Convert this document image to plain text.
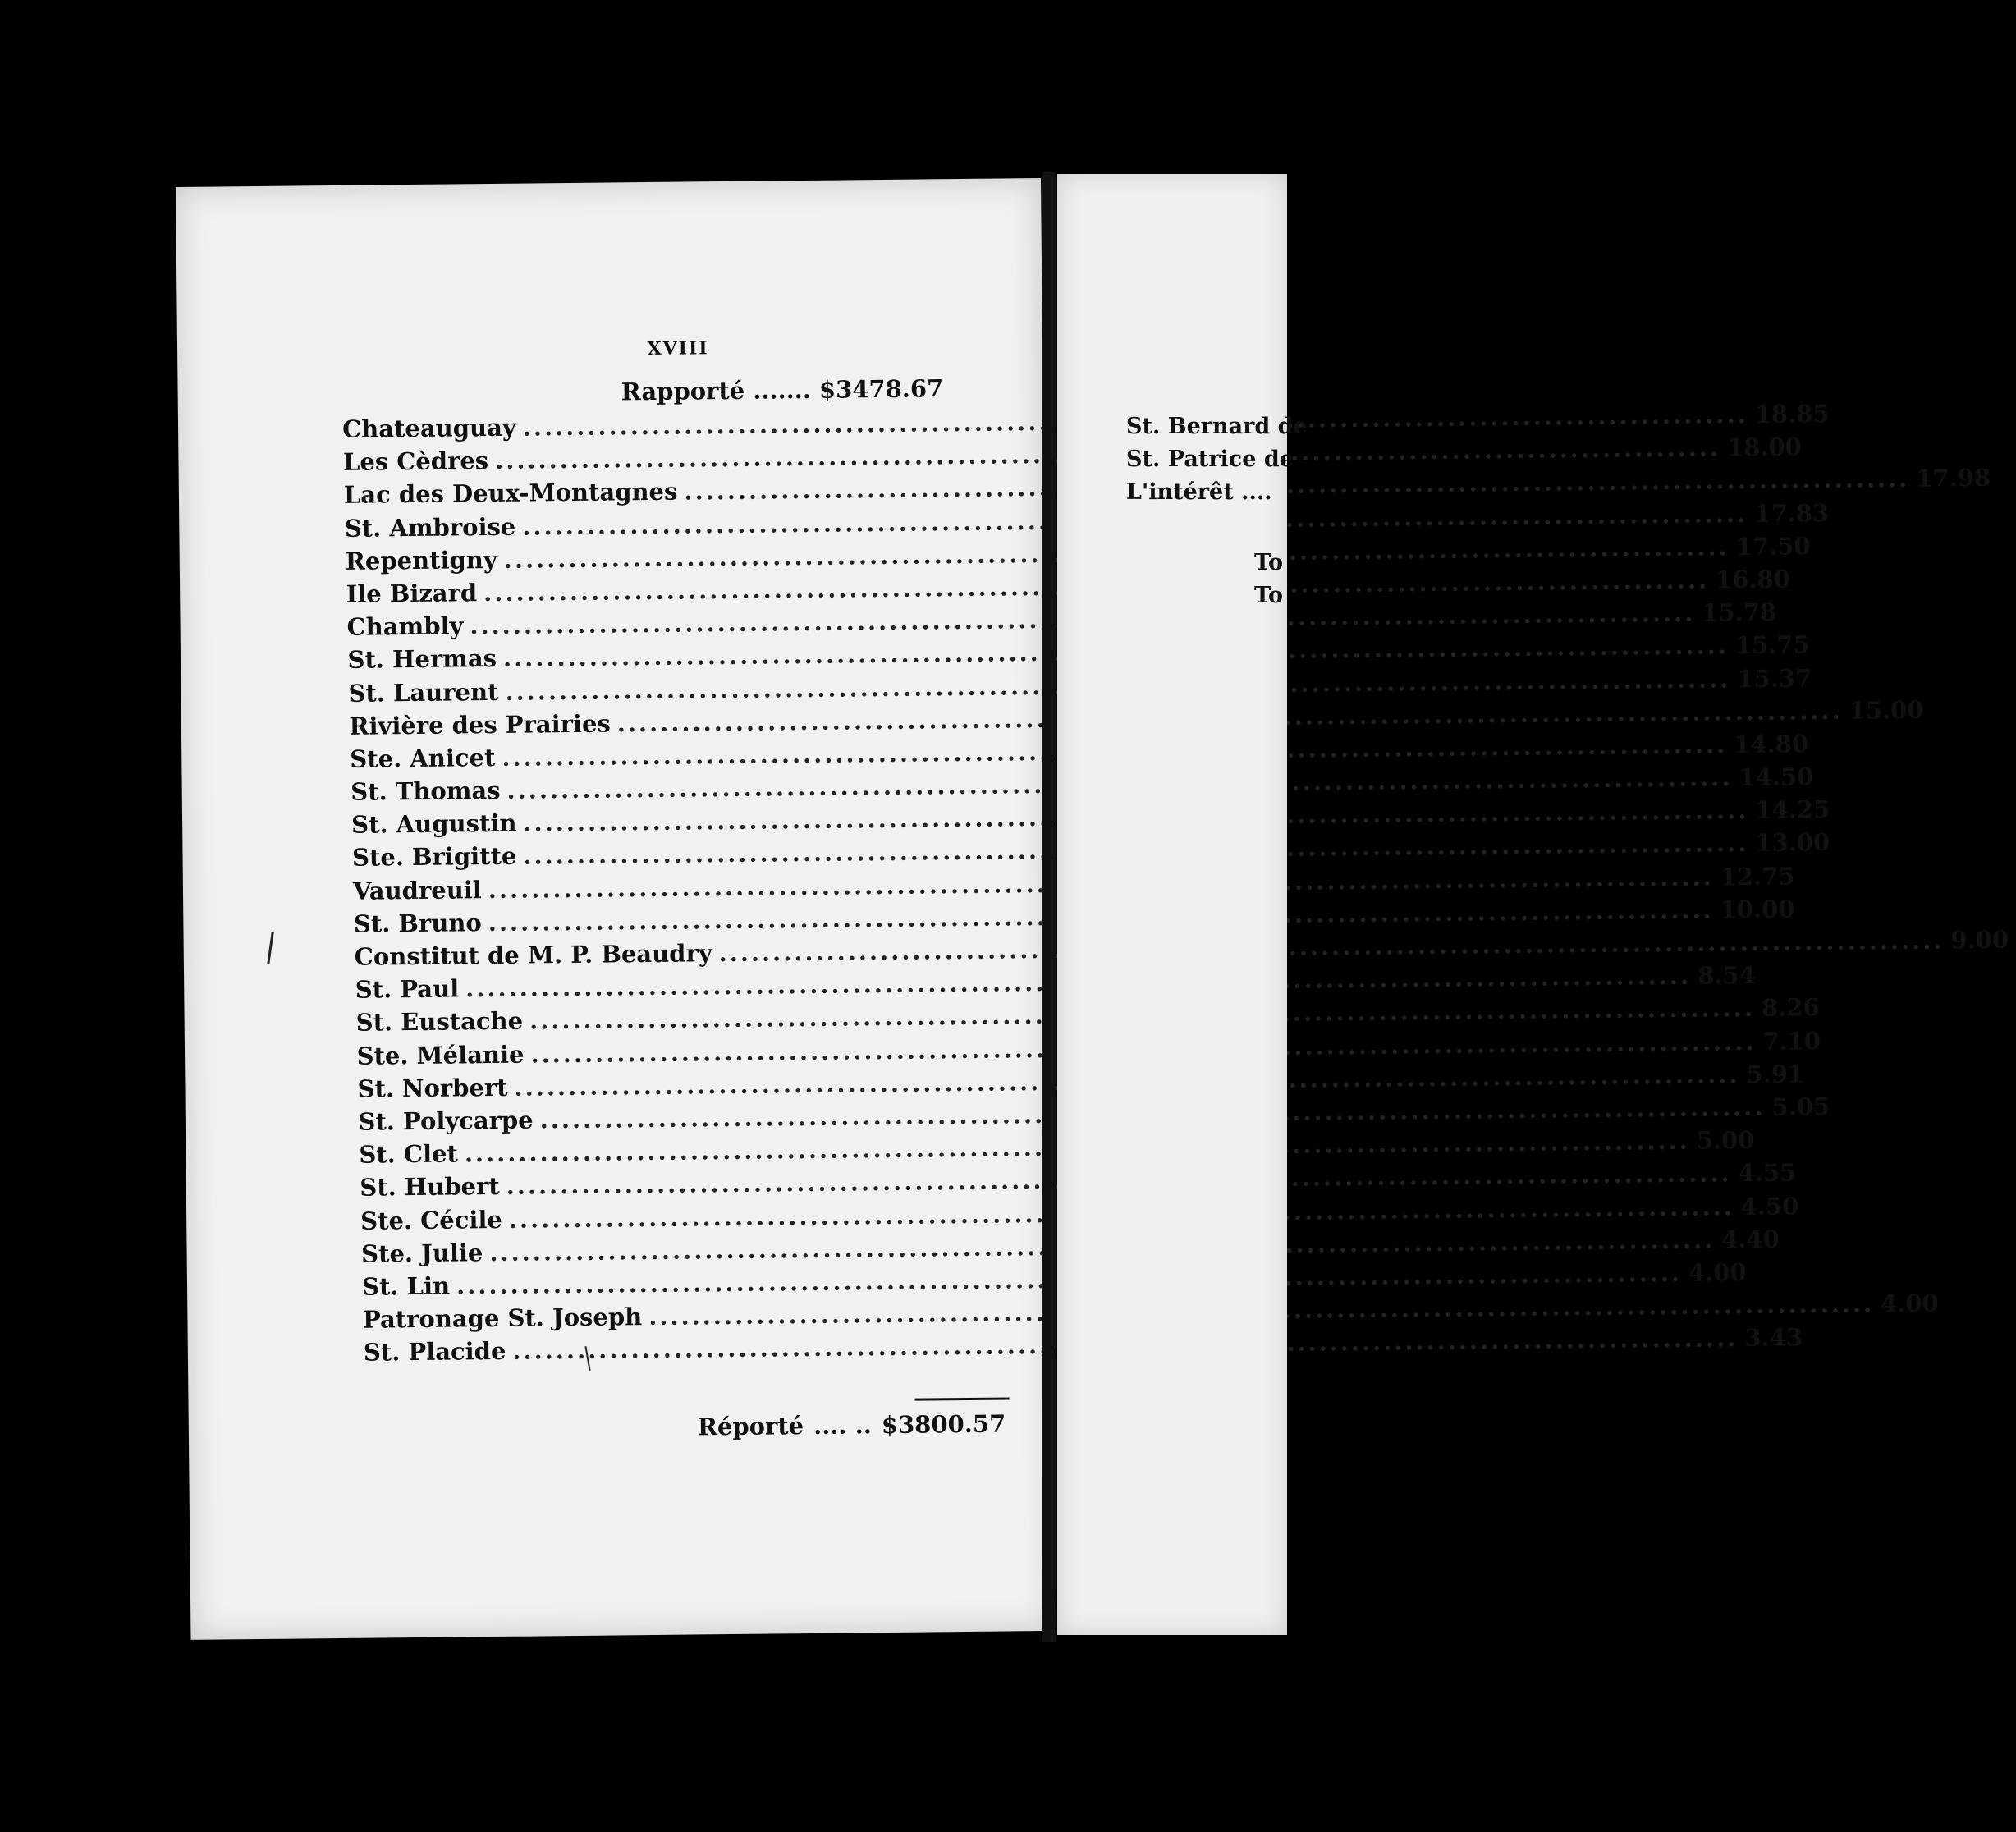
XVIII
Rapporté ....... $3478.67
Chateauguay .....	18.85
Les Cèdres .....	18.00
Lac des Deux-Montagnes .....	17.98
St. Ambroise .....	17.83
Repentigny .....	17.50
Ile Bizard .....	16.80
Chambly .....	15.78
St. Hermas .....	15.75
St. Laurent .....	15.37
Rivière des Prairies .....	15.00
Ste. Anicet .....	14.80
St. Thomas .....	14.50
St. Augustin .....	14.25
Ste. Brigitte .....	13.00
Vaudreuil .....	12.75
St. Bruno .....	10.00
Constitut de M. P. Beaudry .....	9.00
St. Paul .....	8.54
St. Eustache .....	8.26
Ste. Mélanie .....	7.10
St. Norbert .....	5.91
St. Polycarpe .....	5.05
St. Clet .....	5.00
St. Hubert .....	4.55
Ste. Cécile .....	4.50
Ste. Julie .....	4.40
St. Lin .....	4.00
Patronage St. Joseph .....	4.00
St. Placide .....	3.43
Réporté .... .. $3800.57
St. Bernard de
St. Patrice de
L'intérêt ....
To
To
